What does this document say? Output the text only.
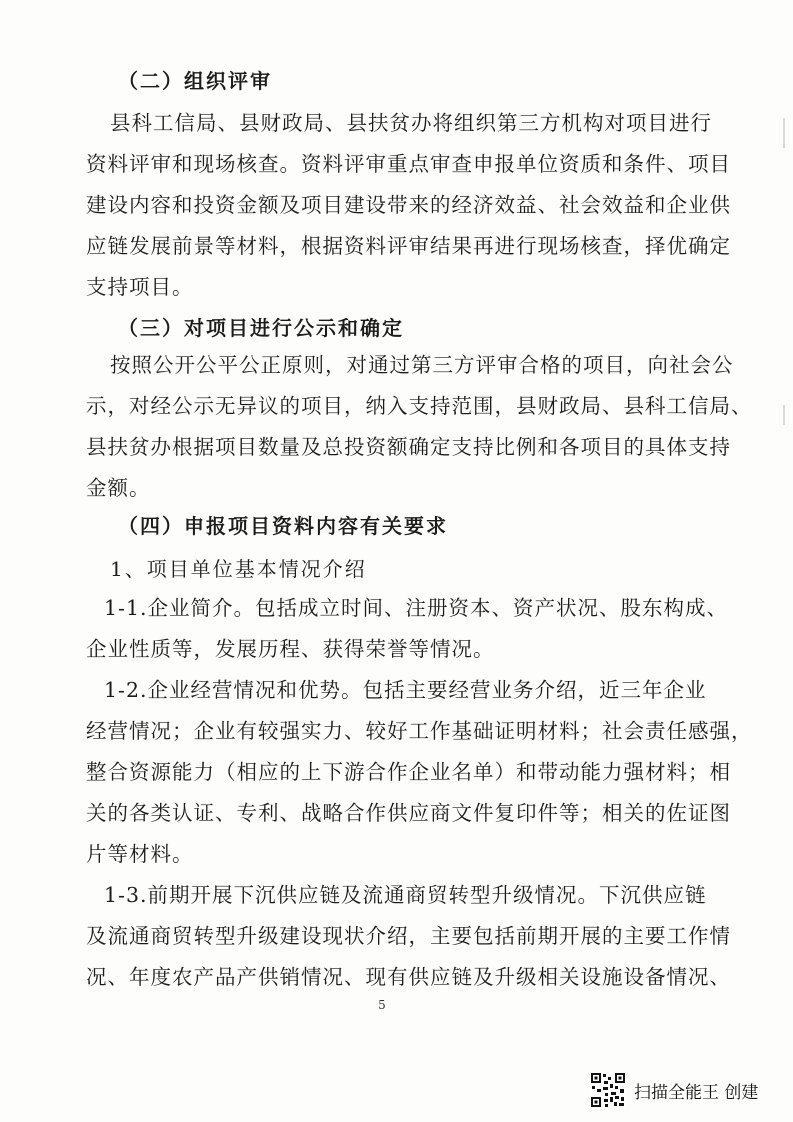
（二）组织评审
县科工信局、县财政局、县扶贫办将组织第三方机构对项目进行
资料评审和现场核查。资料评审重点审查申报单位资质和条件、项目
建设内容和投资金额及项目建设带来的经济效益、社会效益和企业供
应链发展前景等材料，根据资料评审结果再进行现场核查，择优确定
支持项目。
（三）对项目进行公示和确定
按照公开公平公正原则，对通过第三方评审合格的项目，向社会公
示，对经公示无异议的项目，纳入支持范围，县财政局、县科工信局、
县扶贫办根据项目数量及总投资额确定支持比例和各项目的具体支持
金额。
（四）申报项目资料内容有关要求
1、项目单位基本情况介绍
1-1.企业简介。包括成立时间、注册资本、资产状况、股东构成、
企业性质等，发展历程、获得荣誉等情况。
1-2.企业经营情况和优势。包括主要经营业务介绍，近三年企业
经营情况；企业有较强实力、较好工作基础证明材料；社会责任感强，
整合资源能力（相应的上下游合作企业名单）和带动能力强材料；相
关的各类认证、专利、战略合作供应商文件复印件等；相关的佐证图
片等材料。
1-3.前期开展下沉供应链及流通商贸转型升级情况。下沉供应链
及流通商贸转型升级建设现状介绍，主要包括前期开展的主要工作情
况、年度农产品产供销情况、现有供应链及升级相关设施设备情况、
5
扫描全能王 创建
